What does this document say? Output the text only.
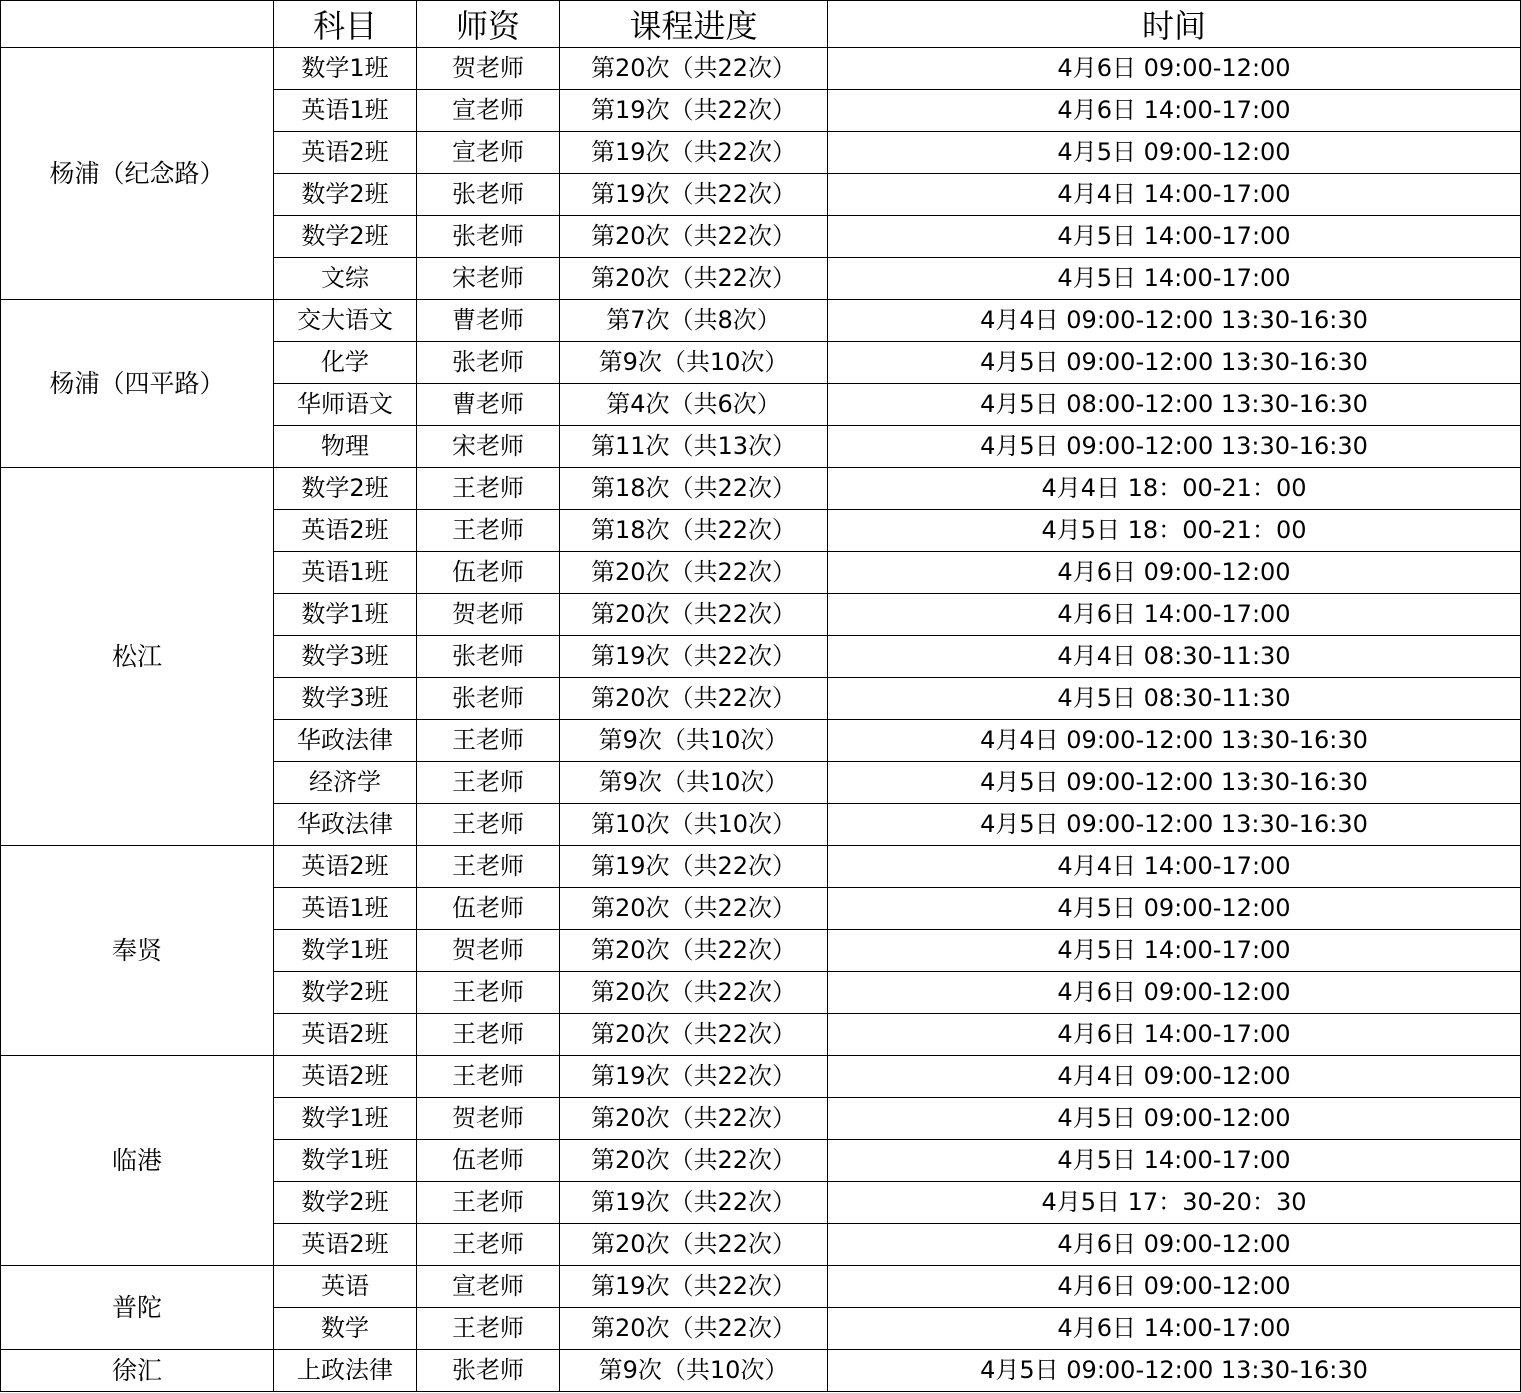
	科目	师资	课程进度	时间
杨浦（纪念路）	数学1班	贺老师	第20次（共22次）	4月6日 09:00-12:00
	英语1班	宣老师	第19次（共22次）	4月6日 14:00-17:00
	英语2班	宣老师	第19次（共22次）	4月5日 09:00-12:00
	数学2班	张老师	第19次（共22次）	4月4日 14:00-17:00
	数学2班	张老师	第20次（共22次）	4月5日 14:00-17:00
	文综	宋老师	第20次（共22次）	4月5日 14:00-17:00
杨浦（四平路）	交大语文	曹老师	第7次（共8次）	4月4日 09:00-12:00 13:30-16:30
	化学	张老师	第9次（共10次）	4月5日 09:00-12:00 13:30-16:30
	华师语文	曹老师	第4次（共6次）	4月5日 08:00-12:00 13:30-16:30
	物理	宋老师	第11次（共13次）	4月5日 09:00-12:00 13:30-16:30
松江	数学2班	王老师	第18次（共22次）	4月4日 18：00-21：00
	英语2班	王老师	第18次（共22次）	4月5日 18：00-21：00
	英语1班	伍老师	第20次（共22次）	4月6日 09:00-12:00
	数学1班	贺老师	第20次（共22次）	4月6日 14:00-17:00
	数学3班	张老师	第19次（共22次）	4月4日 08:30-11:30
	数学3班	张老师	第20次（共22次）	4月5日 08:30-11:30
	华政法律	王老师	第9次（共10次）	4月4日 09:00-12:00 13:30-16:30
	经济学	王老师	第9次（共10次）	4月5日 09:00-12:00 13:30-16:30
	华政法律	王老师	第10次（共10次）	4月5日 09:00-12:00 13:30-16:30
奉贤	英语2班	王老师	第19次（共22次）	4月4日 14:00-17:00
	英语1班	伍老师	第20次（共22次）	4月5日 09:00-12:00
	数学1班	贺老师	第20次（共22次）	4月5日 14:00-17:00
	数学2班	王老师	第20次（共22次）	4月6日 09:00-12:00
	英语2班	王老师	第20次（共22次）	4月6日 14:00-17:00
临港	英语2班	王老师	第19次（共22次）	4月4日 09:00-12:00
	数学1班	贺老师	第20次（共22次）	4月5日 09:00-12:00
	数学1班	伍老师	第20次（共22次）	4月5日 14:00-17:00
	数学2班	王老师	第19次（共22次）	4月5日 17：30-20：30
	英语2班	王老师	第20次（共22次）	4月6日 09:00-12:00
普陀	英语	宣老师	第19次（共22次）	4月6日 09:00-12:00
	数学	王老师	第20次（共22次）	4月6日 14:00-17:00
徐汇	上政法律	张老师	第9次（共10次）	4月5日 09:00-12:00 13:30-16:30
